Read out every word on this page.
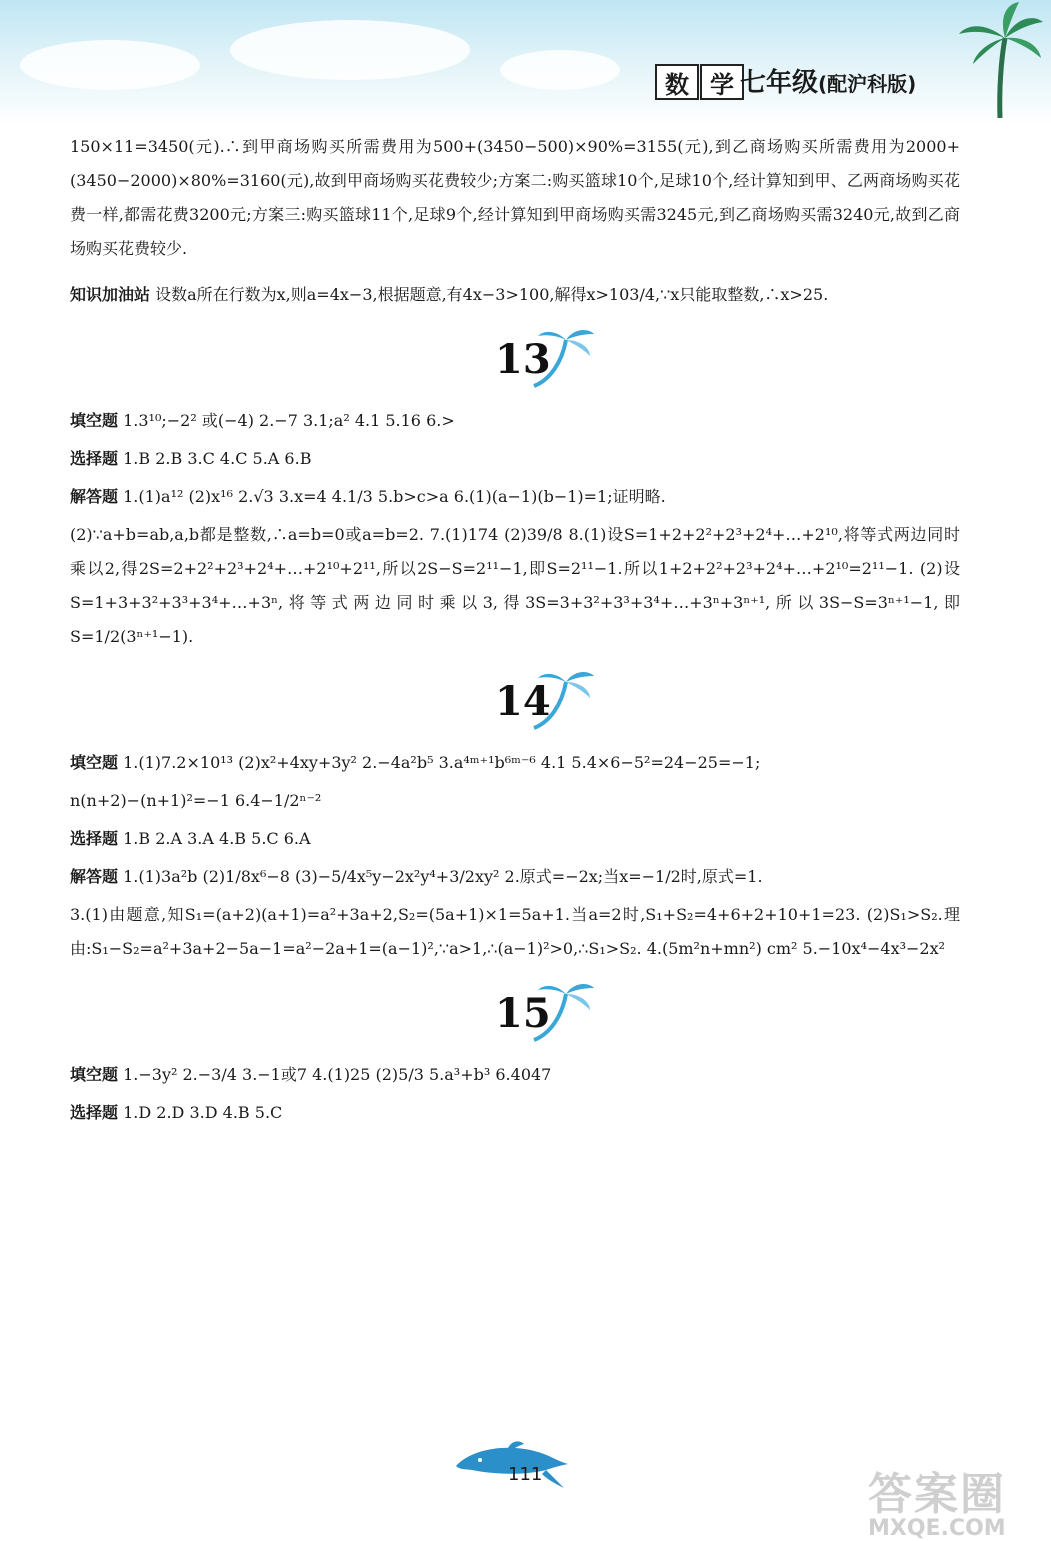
数 学 七年级(配沪科版)

150×11=3450(元).∴到甲商场购买所需费用为500+(3450−500)×90%=3155(元),到乙商场购买所需费用为2000+(3450−2000)×80%=3160(元),故到甲商场购买花费较少;方案二:购买篮球10个,足球10个,经计算知到甲、乙两商场购买花费一样,都需花费3200元;方案三:购买篮球11个,足球9个,经计算知到甲商场购买需3245元,到乙商场购买需3240元,故到乙商场购买花费较少.

知识加油站 设数a所在行数为x,则a=4x−3,根据题意,有4x−3>100,解得x>103/4,∵x只能取整数,∴x>25.

13
填空题 1.3¹⁰;−2² 或(−4) 2.−7 3.1;a² 4.1 5.16 6.>
选择题 1.B 2.B 3.C 4.C 5.A 6.B
解答题 1.(1)a¹² (2)x¹⁶ 2.√3 3.x=4 4.1/3 5.b>c>a 6.(1)(a−1)(b−1)=1;证明略.

(2)∵a+b=ab,a,b都是整数,∴a=b=0或a=b=2. 7.(1)174 (2)39/8 8.(1)设S=1+2+2²+2³+2⁴+…+2¹⁰,将等式两边同时乘以2,得2S=2+2²+2³+2⁴+…+2¹⁰+2¹¹,所以2S−S=2¹¹−1,即S=2¹¹−1.所以1+2+2²+2³+2⁴+…+2¹⁰=2¹¹−1. (2)设S=1+3+3²+3³+3⁴+…+3ⁿ,将等式两边同时乘以3,得3S=3+3²+3³+3⁴+…+3ⁿ+3ⁿ⁺¹,所以3S−S=3ⁿ⁺¹−1,即S=1/2(3ⁿ⁺¹−1).

14
填空题 1.(1)7.2×10¹³ (2)x²+4xy+3y² 2.−4a²b⁵ 3.a⁴ᵐ⁺¹b⁶ᵐ⁻⁶ 4.1 5.4×6−5²=24−25=−1;
n(n+2)−(n+1)²=−1 6.4−1/2ⁿ⁻²
选择题 1.B 2.A 3.A 4.B 5.C 6.A
解答题 1.(1)3a²b (2)1/8x⁶−8 (3)−5/4x⁵y−2x²y⁴+3/2xy² 2.原式=−2x;当x=−1/2时,原式=1.

3.(1)由题意,知S₁=(a+2)(a+1)=a²+3a+2,S₂=(5a+1)×1=5a+1.当a=2时,S₁+S₂=4+6+2+10+1=23. (2)S₁>S₂.理由:S₁−S₂=a²+3a+2−5a−1=a²−2a+1=(a−1)²,∵a>1,∴(a−1)²>0,∴S₁>S₂. 4.(5m²n+mn²) cm² 5.−10x⁴−4x³−2x²

15
填空题 1.−3y² 2.−3/4 3.−1或7 4.(1)25 (2)5/3 5.a³+b³ 6.4047
选择题 1.D 2.D 3.D 4.B 5.C
111	答案圈
MXQE.COM
